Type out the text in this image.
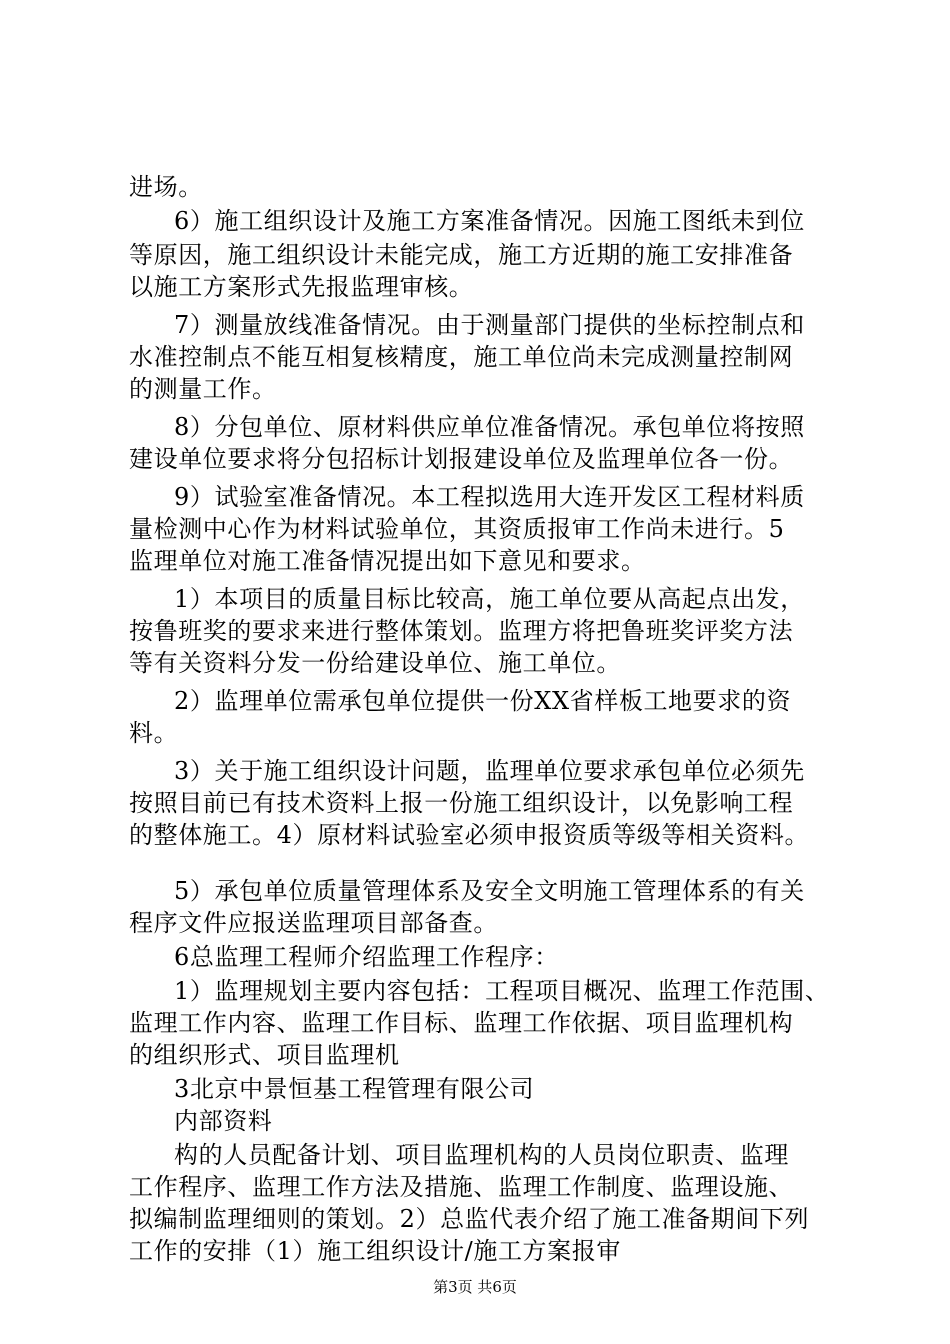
进场。
6）施工组织设计及施工方案准备情况。因施工图纸未到位
等原因，施工组织设计未能完成，施工方近期的施工安排准备
以施工方案形式先报监理审核。
7）测量放线准备情况。由于测量部门提供的坐标控制点和
水准控制点不能互相复核精度，施工单位尚未完成测量控制网
的测量工作。
8）分包单位、原材料供应单位准备情况。承包单位将按照
建设单位要求将分包招标计划报建设单位及监理单位各一份。
9）试验室准备情况。本工程拟选用大连开发区工程材料质
量检测中心作为材料试验单位，其资质报审工作尚未进行。5
监理单位对施工准备情况提出如下意见和要求。
1）本项目的质量目标比较高，施工单位要从高起点出发，
按鲁班奖的要求来进行整体策划。监理方将把鲁班奖评奖方法
等有关资料分发一份给建设单位、施工单位。
2）监理单位需承包单位提供一份XX省样板工地要求的资
料。
3）关于施工组织设计问题，监理单位要求承包单位必须先
按照目前已有技术资料上报一份施工组织设计，以免影响工程
的整体施工。4）原材料试验室必须申报资质等级等相关资料。
5）承包单位质量管理体系及安全文明施工管理体系的有关
程序文件应报送监理项目部备查。
6总监理工程师介绍监理工作程序：
1）监理规划主要内容包括：工程项目概况、监理工作范围、
监理工作内容、监理工作目标、监理工作依据、项目监理机构
的组织形式、项目监理机
3北京中景恒基工程管理有限公司
内部资料
构的人员配备计划、项目监理机构的人员岗位职责、监理
工作程序、监理工作方法及措施、监理工作制度、监理设施、
拟编制监理细则的策划。2）总监代表介绍了施工准备期间下列
工作的安排（1）施工组织设计/施工方案报审
第3页 共6页
